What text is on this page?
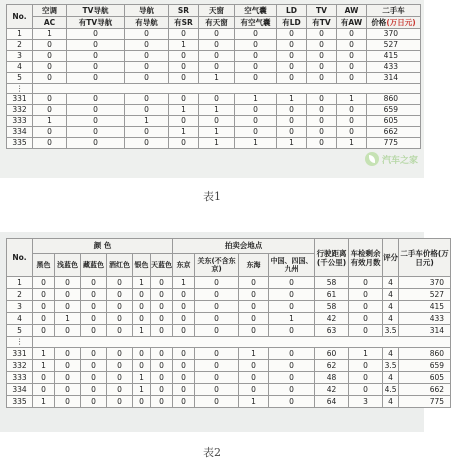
No.	空调	TV导航	导航	SR	天窗	空气囊	LD	TV	AW	二手车
	AC	有TV导航	有导航	有SR	有天窗	有空气囊	有LD	有TV	有AW	价格(万日元)
1	1	0	0	0	0	0	0	0	0	370
2	0	0	0	1	0	0	0	0	0	527
3	0	0	0	0	0	0	0	0	0	415
4	0	0	0	0	0	0	0	0	0	433
5	0	0	0	0	1	0	0	0	0	314
⋮										
331	0	0	0	0	0	1	1	0	1	860
332	0	0	0	1	1	0	0	0	0	659
333	1	0	1	0	0	0	0	0	0	605
334	0	0	0	1	1	0	0	0	0	662
335	0	0	0	0	1	1	1	0	1	775
汽车之家
表1
No.	颜 色						拍卖会地点				行驶距离(千公里)	车检剩余有效月数	评分	二手车价格(万日元)
	黑色	浅蓝色	藏蓝色	酒红色	银色	天蓝色	东京	关东(不含东京)	东海	中国、四国、九州				
1	0	0	0	0	1	0	1	0	0	0	58	0	4	370
2	0	0	0	0	0	0	0	0	0	0	61	0	4	527
3	0	0	0	0	0	0	0	0	0	0	58	0	4	415
4	0	1	0	0	0	0	0	0	0	1	42	0	4	433
5	0	0	0	0	1	0	0	0	0	0	63	0	3.5	314
⋮														
331	1	0	0	0	0	0	0	0	1	0	60	1	4	860
332	1	0	0	0	0	0	0	0	0	0	62	0	3.5	659
333	0	0	0	0	1	0	0	0	0	0	48	0	4	605
334	0	0	0	0	1	0	0	0	0	0	42	0	4.5	662
335	1	0	0	0	0	0	0	0	1	0	64	3	4	775
表2
